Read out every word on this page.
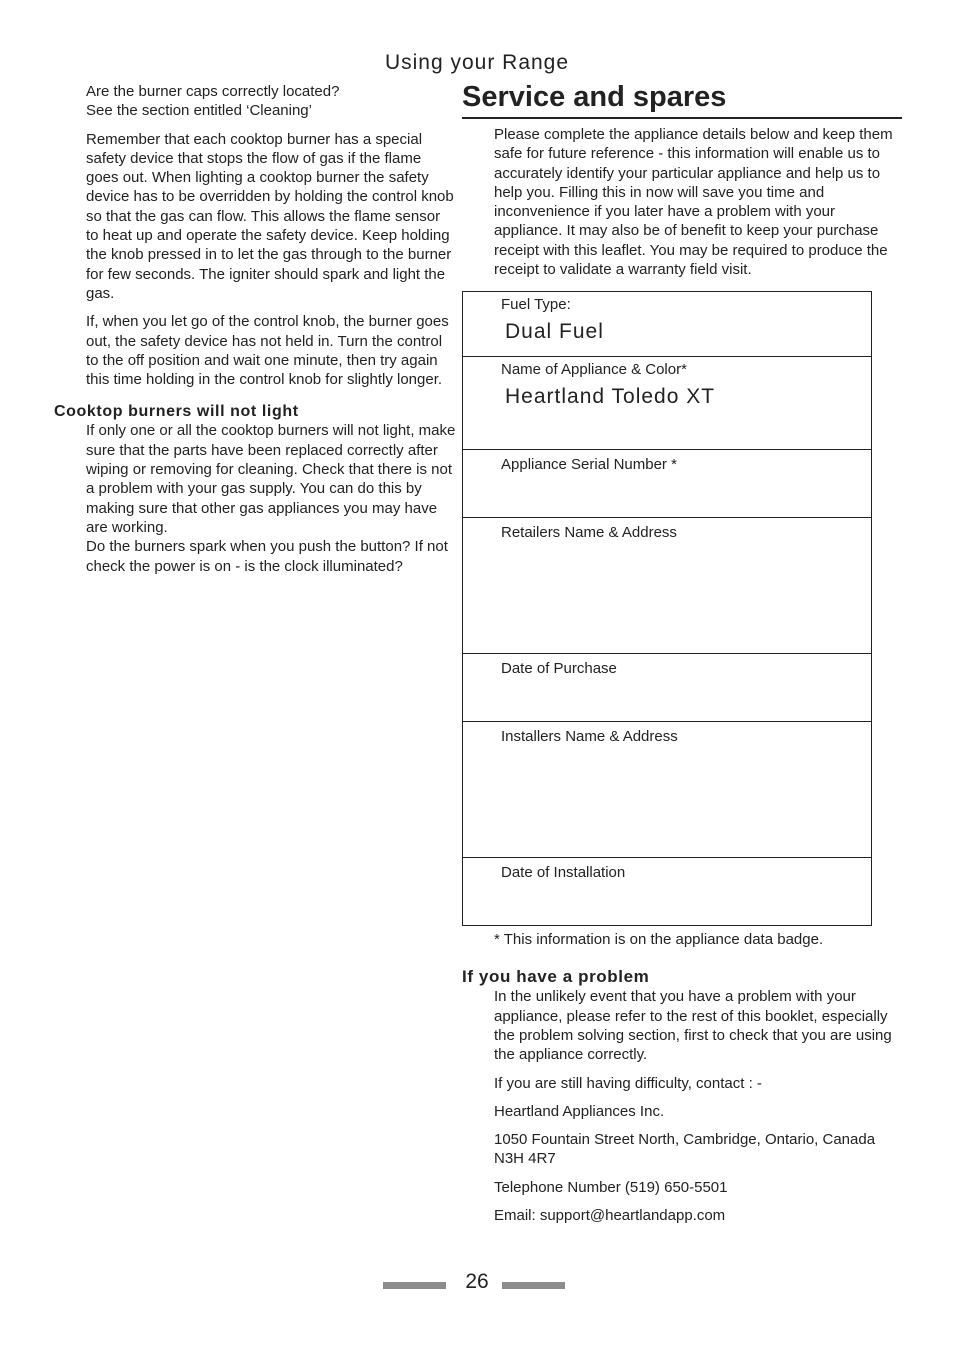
Using your Range

Are the burner caps correctly located?
See the section entitled ‘Cleaning’

Remember that each cooktop burner has a special safety device that stops the flow of gas if the flame goes out. When lighting a cooktop burner the safety device has to be overridden by holding the control knob so that the gas can flow. This allows the flame sensor to heat up and operate the safety device. Keep holding the knob pressed in to let the gas through to the burner for few seconds. The igniter should spark and light the gas.

If, when you let go of the control knob, the burner goes out, the safety device has not held in. Turn the control to the off position and wait one minute, then try again this time holding in the control knob for slightly longer.

Cooktop burners will not light

If only one or all the cooktop burners will not light, make sure that the parts have been replaced correctly after wiping or removing for cleaning. Check that there is not a problem with your gas supply. You can do this by making sure that other gas appliances you may have are working.

Do the burners spark when you push the button? If not check the power is on - is the clock illuminated?

Service and spares

Please complete the appliance details below and keep them safe for future reference - this information will enable us to accurately identify your particular appliance and help us to help you. Filling this in now will save you time and inconvenience if you later have a problem with your appliance. It may also be of benefit to keep your purchase receipt with this leaflet. You may be required to produce the receipt to validate a warranty field visit.

Fuel Type:
Dual Fuel
Name of Appliance & Color*
Heartland Toledo XT
Appliance Serial Number *
Retailers Name & Address
Date of Purchase
Installers Name & Address
Date of Installation

* This information is on the appliance data badge.

If you have a problem

In the unlikely event that you have a problem with your appliance, please refer to the rest of this booklet, especially the problem solving section, first to check that you are using the appliance correctly.

If you are still having difficulty, contact : -

Heartland Appliances Inc.

1050 Fountain Street North, Cambridge, Ontario, Canada N3H 4R7

Telephone Number (519) 650-5501

Email: support@heartlandapp.com

26
